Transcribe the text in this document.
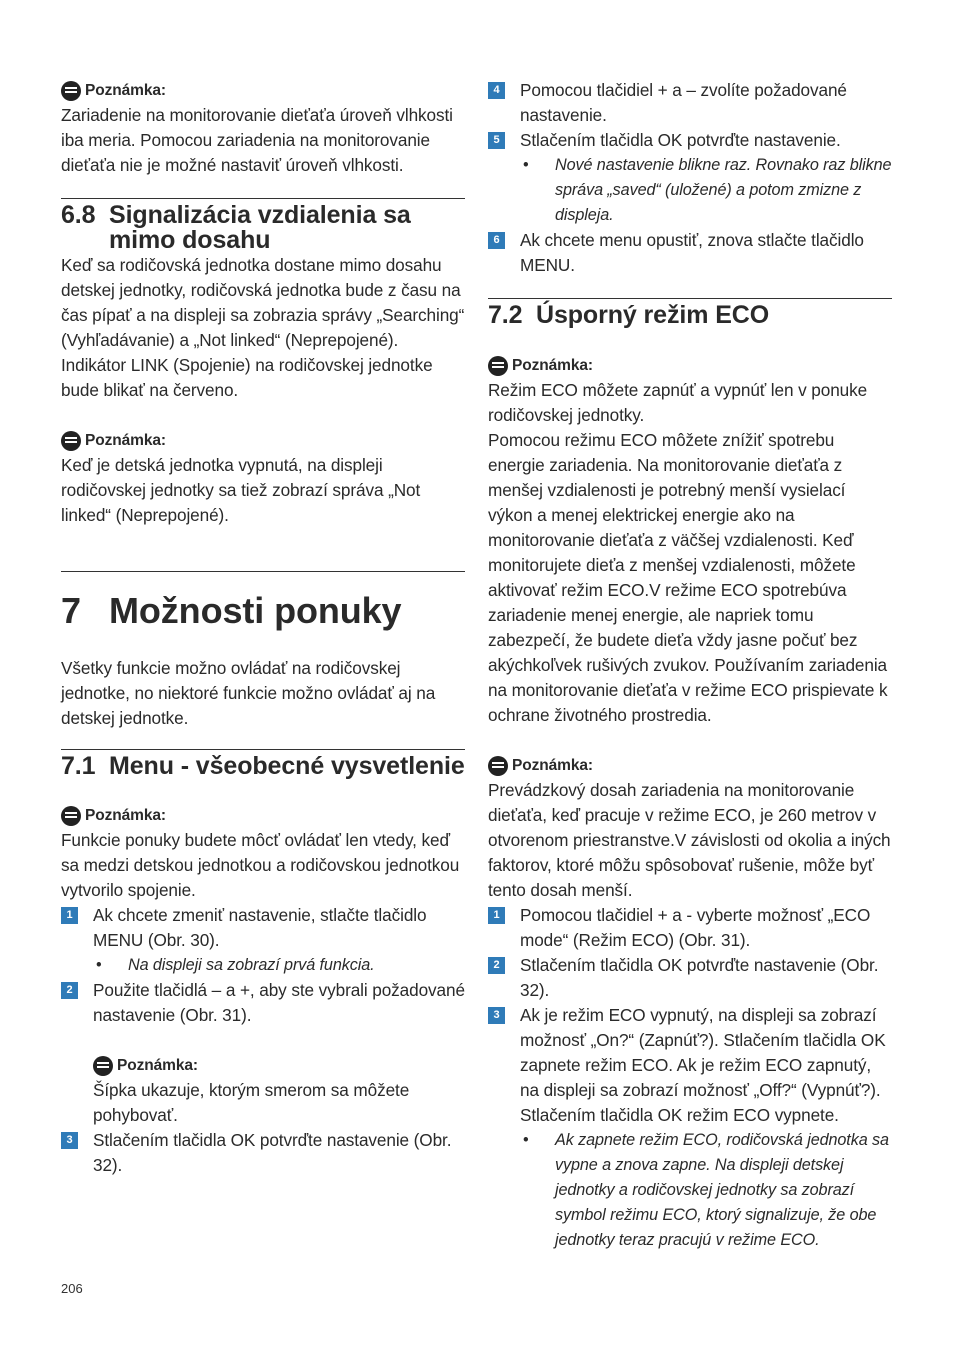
Poznámka:

Zariadenie na monitorovanie dieťaťa úroveň vlhkosti iba meria. Pomocou zariadenia na monitorovanie dieťaťa nie je možné nastaviť úroveň vlhkosti.

6.8 Signalizácia vzdialenia sa mimo dosahu

Keď sa rodičovská jednotka dostane mimo dosahu detskej jednotky, rodičovská jednotka bude z času na čas pípať a na displeji sa zobrazia správy „Searching“ (Vyhľadávanie) a „Not linked“ (Neprepojené). Indikátor LINK (Spojenie) na rodičovskej jednotke bude blikať na červeno.

Poznámka:

Keď je detská jednotka vypnutá, na displeji rodičovskej jednotky sa tiež zobrazí správa „Not linked“ (Neprepojené).

7 Možnosti ponuky

Všetky funkcie možno ovládať na rodičovskej jednotke, no niektoré funkcie možno ovládať aj na detskej jednotke.

7.1 Menu - všeobecné vysvetlenie
Poznámka:

Funkcie ponuky budete môcť ovládať len vtedy, keď sa medzi detskou jednotkou a rodičovskou jednotkou vytvorilo spojenie.

1	Ak chcete zmeniť nastavenie, stlačte tlačidlo MENU (Obr. 30).
•	Na displeji sa zobrazí prvá funkcia.
2	Použite tlačidlá – a +, aby ste vybrali požadované nastavenie (Obr. 31).
Poznámka:

Šípka ukazuje, ktorým smerom sa môžete pohybovať.

3	Stlačením tlačidla OK potvrďte nastavenie (Obr. 32).
4	Pomocou tlačidiel + a – zvolíte požadované nastavenie.
5	Stlačením tlačidla OK potvrďte nastavenie.
•	Nové nastavenie blikne raz. Rovnako raz blikne správa „saved“ (uložené) a potom zmizne z displeja.
6	Ak chcete menu opustiť, znova stlačte tlačidlo MENU.
7.2 Úsporný režim ECO
Poznámka:

Režim ECO môžete zapnúť a vypnúť len v ponuke rodičovskej jednotky.

Pomocou režimu ECO môžete znížiť spotrebu energie zariadenia. Na monitorovanie dieťaťa z menšej vzdialenosti je potrebný menší vysielací výkon a menej elektrickej energie ako na monitorovanie dieťaťa z väčšej vzdialenosti. Keď monitorujete dieťa z menšej vzdialenosti, môžete aktivovať režim ECO.V režime ECO spotrebúva zariadenie menej energie, ale napriek tomu zabezpečí, že budete dieťa vždy jasne počuť bez akýchkoľvek rušivých zvukov. Používaním zariadenia na monitorovanie dieťaťa v režime ECO prispievate k ochrane životného prostredia.

Poznámka:

Prevádzkový dosah zariadenia na monitorovanie dieťaťa, keď pracuje v režime ECO, je 260 metrov v otvorenom priestranstve.V závislosti od okolia a iných faktorov, ktoré môžu spôsobovať rušenie, môže byť tento dosah menší.

1	Pomocou tlačidiel + a - vyberte možnosť „ECO mode“ (Režim ECO) (Obr. 31).
2	Stlačením tlačidla OK potvrďte nastavenie (Obr. 32).
3	Ak je režim ECO vypnutý, na displeji sa zobrazí možnosť „On?“ (Zapnúť?). Stlačením tlačidla OK zapnete režim ECO. Ak je režim ECO zapnutý, na displeji sa zobrazí možnosť „Off?“ (Vypnúť?). Stlačením tlačidla OK režim ECO vypnete.
•	Ak zapnete režim ECO, rodičovská jednotka sa vypne a znova zapne. Na displeji detskej jednotky a rodičovskej jednotky sa zobrazí symbol režimu ECO, ktorý signalizuje, že obe jednotky teraz pracujú v režime ECO.
206
